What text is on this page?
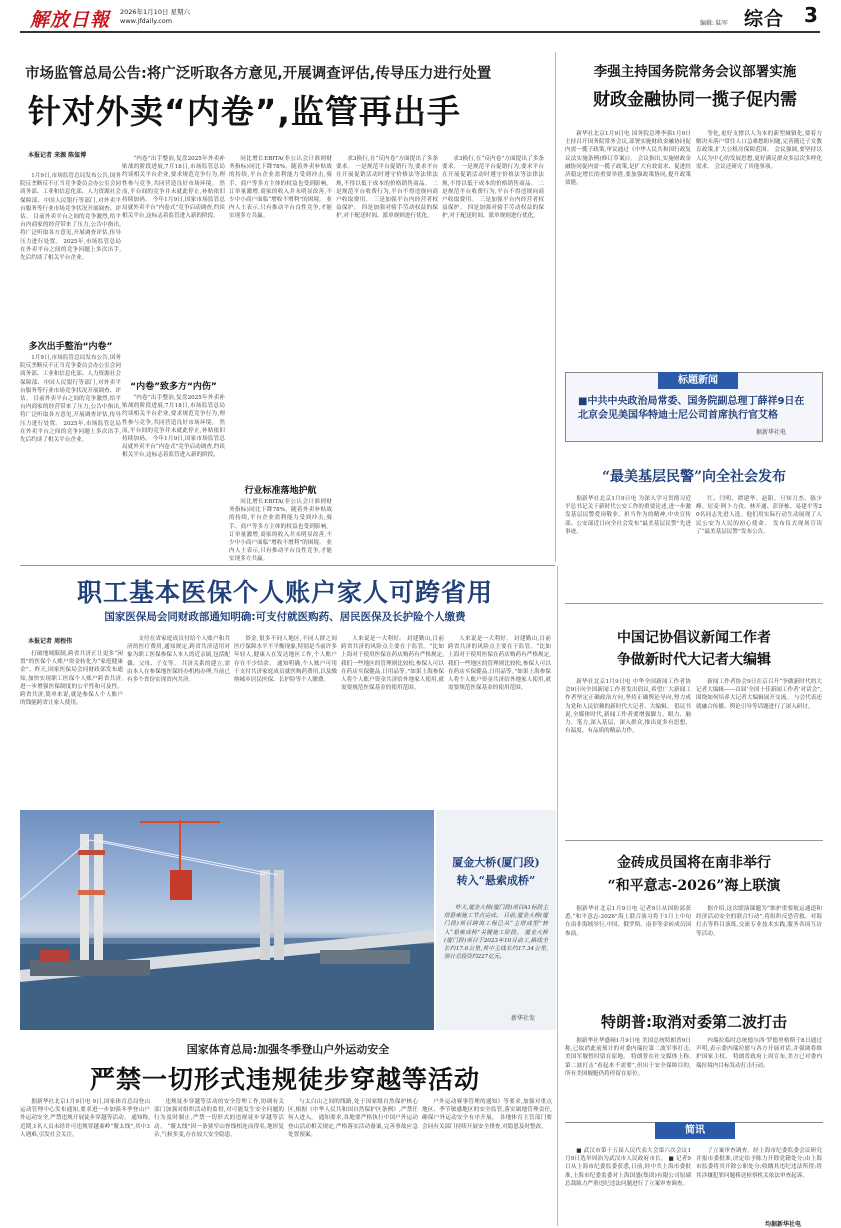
解放日報 2026年1月10日 星期六
www.jfdaily.com	编辑: 陆军 综合 3
市场监管总局公告:将广泛听取各方意见,开展调查评估,传导压力进行处置
针对外卖“内卷”,监管再出手
本报记者 来源 陈玺博

1月9日,市场监管总局发布公告,国务院反垄断反不正当竞争委员会办公室会同商务部、工业和信息化部、人力资源社会保障部、中国人民银行等部门,对外卖平台服务等行业市场竞争状况开展调查、评估。 目前外卖平台之间的竞争激烈,给平台内商家的经营带来了压力,公告中指出,将广泛听取各方意见,开展调查评估,传导压力进行处置。 2025年,市场监管总局在外卖平台之间的竞争问题上多次出手,先后约谈了相关平台企业。

多次出手整治“内卷”

1月9日,市场监管总局发布公告,国务院反垄断反不正当竞争委员会办公室会同商务部、工业和信息化部、人力资源社会保障部、中国人民银行等部门,对外卖平台服务等行业市场竞争状况开展调查、评估。 目前外卖平台之间的竞争激烈,给平台内商家的经营带来了压力,公告中指出,将广泛听取各方意见,开展调查评估,传导压力进行处置。 2025年,市场监管总局在外卖平台之间的竞争问题上多次出手,先后约谈了相关平台企业。

“内卷”出手整治,复盘2025年外卖补贴战的阶段进展,7月18日,市场监管总局约谈相关平台企业,要求规范竞争行为,理性参与竞争,共同营造良好市场环境。 然而,平台间的竞争并未就此停止,补贴依旧持续加码。 今年1月9日,国家市场监管总局就外卖平台“内卷式”竞争启动调查,约谈相关平台,这标志着监管进入新的阶段。

“内卷”致多方“内伤”

“内卷”出手整治,复盘2025年外卖补贴战的阶段进展,7月18日,市场监管总局约谈相关平台企业,要求规范竞争行为,理性参与竞争,共同营造良好市场环境。 然而,平台间的竞争并未就此停止,补贴依旧持续加码。 今年1月9日,国家市场监管总局就外卖平台“内卷式”竞争启动调查,约谈相关平台,这标志着监管进入新的阶段。

同比增长EBITA(非公认会计准则财务指标)同比下降78%。随着外卖补贴战的持续,平台企业盈利能力受到冲击,骑手、商户等多方主体的权益也受到影响。 订单量激增,商家的收入并未明显改善,不少中小商户面临“增收不增利”的困境。 业内人士表示,只有推动平台良性竞争,才能实现多方共赢。

行业标准落地护航

同比增长EBITA(非公认会计准则财务指标)同比下降78%。随着外卖补贴战的持续,平台企业盈利能力受到冲击,骑手、商户等多方主体的权益也受到影响。 订单量激增,商家的收入并未明显改善,不少中小商户面临“增收不增利”的困境。 业内人士表示,只有推动平台良性竞争,才能实现多方共赢。

求3换行,在“反内卷”方面提出了多条要求。 一是规范平台促销行为,要求平台在开展促销活动时遵守价格法等法律法规,不得以低于成本的价格销售商品。 二是规范平台收费行为,平台不得违规向商户收取费用。 三是加强平台内经营者权益保护。 四是加强对骑手劳动权益的保护,对于配送时间、派单规则进行优化。

求3换行,在“反内卷”方面提出了多条要求。 一是规范平台促销行为,要求平台在开展促销活动时遵守价格法等法律法规,不得以低于成本的价格销售商品。 二是规范平台收费行为,平台不得违规向商户收取费用。 三是加强平台内经营者权益保护。 四是加强对骑手劳动权益的保护,对于配送时间、派单规则进行优化。

李强主持国务院常务会议部署实施
财政金融协同一揽子促内需

新华社北京1月9日电 国务院总理李强1月9日主持召开国务院常务会议,部署实施财政金融协同促内需一揽子政策,审议通过《中华人民共和国行政复议法实施条例(修订草案)》。 会议指出,实施财政金融协同促内需一揽子政策,是扩大有效需求、促进经济稳定增长的重要举措,要加强政策协同,提升政策效能。

等化,更好支撑以人为本的新型城镇化,要着力解决未落户常住人口急难愁盼问题,完善随迁子女教育政策,扩大公租房保障范围。 会议强调,要坚持以人民为中心的发展思想,更好满足群众多层次多样化需求。 会议还研究了其他事项。

标题新闻
■中共中央政治局常委、国务院副总理丁薛祥9日在北京会见美国华特迪士尼公司首席执行官艾格
据新华社电
“最美基层民警”向全社会发布

据新华社北京1月9日电 为深入学习贯彻习近平总书记关于新时代公安工作的重要论述,进一步激发基层民警爱岗敬业、担当作为的精神,中央宣传部、公安部近日向全社会发布“最美基层民警”先进事迹。

红、闫明、谭建华、赵阳、旦知刀杰、陈少峰、居麦·阿卜力孜、林开通、彭泽栋、易建平等20名同志先进人选。他们用实际行动生动展现了人民公安为人民的初心使命。 发布仪式现场宣读了“最美基层民警”发布公告。

中国记协倡议新闻工作者
争做新时代大记者大编辑

新华社北京1月9日电 中华全国新闻工作者协会9日向全国新闻工作者发出倡议,希望广大新闻工作者坚定正确政治方向,坚持正确舆论导向,努力成为党和人民信赖的新时代大记者、大编辑。 倡议书说,全媒体时代,新闻工作者要增强脚力、眼力、脑力、笔力,深入基层、深入群众,推出更多有思想、有温度、有品质的精品力作。

新闻工作者协会9日在京召开“争做新时代的大记者大编辑——首届‘全国十佳新闻工作者’对话会”,围绕如何培养大记者大编辑展开交流。 与会代表还就融合传播、舆论引导等话题进行了深入研讨。

金砖成员国将在南非举行
“和平意志-2026”海上联演

据新华社北京1月9日电 记者9日从国防部获悉,“和平意志-2026”海上联合演习将于1月上中旬在南非海域举行,中国、俄罗斯、南非等金砖成员国参演。

据介绍,这次联演课题为“维护重要航运通道和经济活动安全的联合行动”,将组织反恐营救、对海打击等科目演练,交流专业技术实践,服务各国互访等活动。

特朗普:取消对委第二波打击

据新华社华盛顿1月9日电 美国总统特朗普9日称,已取消此前预计的对委内瑞拉第二波军事打击,美国军舰暂时留在原地。 特朗普在社交媒体上称,第二波打击“看起来不需要”,但出于安全保障目的,所有美国舰艇仍将停留在原位。

内瑞拉临时总统德尔西·罗德里格斯于8日通过声明,表示委内瑞拉愿与各方开展对话,并强调将维护国家主权。 特朗普政府上周宣布,美方已对委内瑞拉境内目标发动打击行动。

简讯

■ 武汉市第十五届人民代表大会第六次会议1月9日选举周治为武汉市人民政府市长。 ■ 记者9日从上海市纪委监委获悉,日前,经中共上海市委批准,上海市纪委监委对上海国盛(集团)有限公司原副总裁陈力严重违纪违法问题进行了立案审查调查。

了立案审查调查。经上海市纪委监委会议研究并报市委批准,决定给予陈力开除党籍处分;由上海市监委将其开除公职处分;收缴其违纪违法所得;将其涉嫌犯罪问题移送检察机关依法审查起诉。

均据新华社电
职工基本医保个人账户家人可跨省用
国家医保局会同财政部通知明确:可支付就医购药、居民医保及长护险个人缴费
本报记者 周程伟

打破地域限制,跨省共济正让更多“闲置”的医保个人账户资金转化为“家庭健康金”。昨天,国家医保局会同财政部发布通知,加快实现职工医保个人账户跨省共济,进一步增强医保制度的公平性和可及性。 跨省共济,简单来说,就是参保人个人账户的钱能跨省让家人使用。

支付在省家庭成员付给个人账户和共济的医疗费用,通知规定,跨省共济适用对象为职工医保参保人本人的近亲属,包括配偶、父母、子女等。 共济关系的建立,需由本人在参保地医保经办机构办理,当前已有多个省份实现省内共济。

资金,很多不同人地区,不同人群之间医疗保障水平不平衡现象,特别是当前许多年轻人,健康人在发达地区工作,个人账户存在不少结余。 通知明确,个人账户可用于支付共济家庭成员就医购药费用,以及缴纳城乡居民医保、长护险等个人缴费。

人来说是一大利好。 封建勤山,目前跨省共济的风险点主要在于监管。“比如上海对于使用医保在药店购药有严格规定,我们一些地区的管理则比较松,参保人可以在药店买保健品,日用品等。”如果上海参保人将个人账户资金共济给外地家人使用,就需要规范医保基金的使用范围。

人来说是一大利好。 封建勤山,目前跨省共济的风险点主要在于监管。“比如上海对于使用医保在药店购药有严格规定,我们一些地区的管理则比较松,参保人可以在药店买保健品,日用品等。”如果上海参保人将个人账户资金共济给外地家人使用,就需要规范医保基金的使用范围。

厦金大桥(厦门段)
转入“悬索成桥”

昨天,厦金大桥(厦门段)项目A1标段主塔悬索施工节点完成。 目前,厦金大桥(厦门段)项目跨海工程已从“主塔成型”转入“悬索成桥”关键施工阶段。 厦金大桥(厦门段)项目于2023年10月动工,路线全长约17.6公里,其中主线长约17.34公里,预计总投资约227亿元。

新华社发
国家体育总局:加强冬季登山户外运动安全
严禁一切形式违规徒步穿越等活动

据新华社北京1月9日电 9日,国家体育总局登山运动管理中心发布通知,要求进一步加强冬季登山户外运动安全,严禁违规开展徒步穿越等活动。 通知称,近期,1名人员未经许可违规穿越秦岭“鳌太线”,其中3人遇难,引发社会关注。

违规徒步穿越等活动的安全管理工作,协调有关部门加强对组织活动的监督,对可能发生安全问题的行为及时制止,严禁一切形式的违规徒步穿越等活动。 “鳌太线”因一条狭窄山脊线相连而得名,地形复杂,气候多变,存在较大安全隐患。

与太白山之间的线路,处于国家级自然保护核心区,根据《中华人民共和国自然保护区条例》,严禁任何人进入。 通知要求,各地要严格执行中国户外运动登山活动相关规定,严格落实活动备案,完善事故应急处置预案。

户外运动赛事管理的通知》等要求,加强对重点地区、季节敏感地区的安全监管,落实属地管理责任,确保户外运动安全有序开展。 各地体育主管部门要会同有关部门持续开展安全排查,对隐患及时整改。
